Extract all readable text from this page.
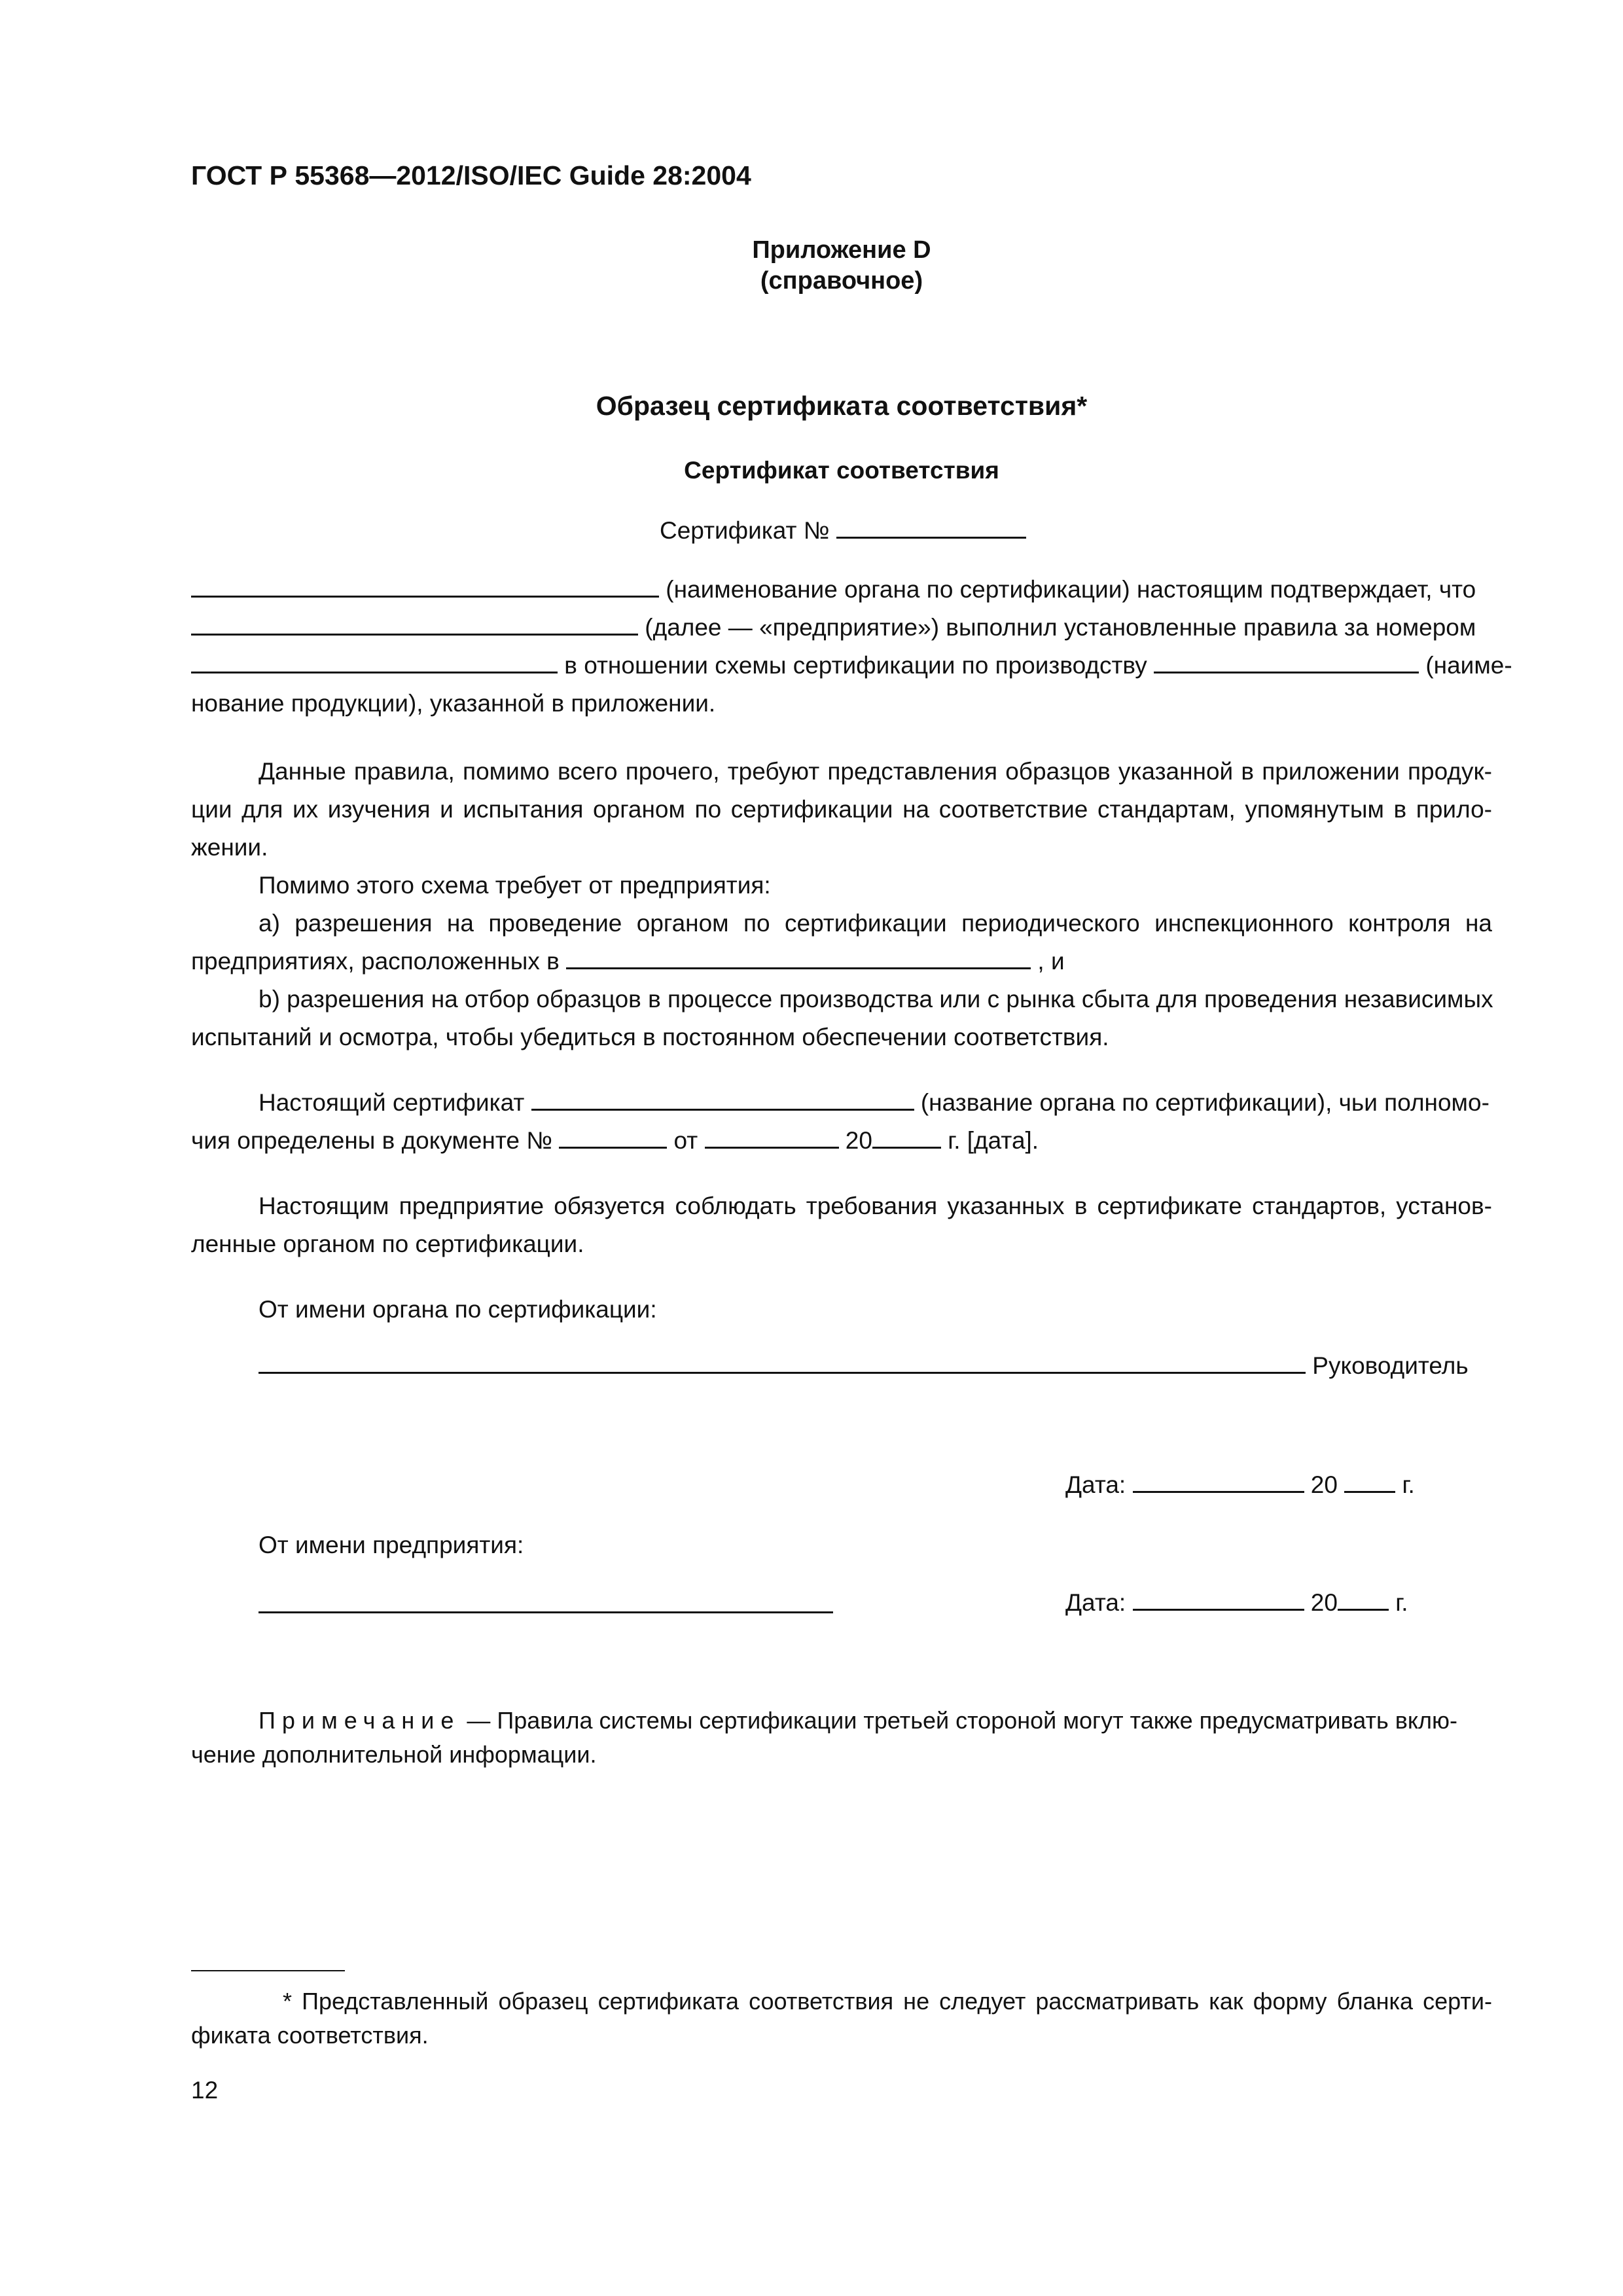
ГОСТ Р 55368—2012/ISO/IEC Guide 28:2004
Приложение D
(справочное)
Образец сертификата соответствия*
Сертификат соответствия
Сертификат №
(наименование органа по сертификации) настоящим подтверждает, что
(далее — «предприятие») выполнил установленные правила за номером
в отношении схемы сертификации по производству	(наиме-
нование продукции), указанной в приложении.
Данные правила, помимо всего прочего, требуют представления образцов указанной в приложении продук-
ции для их изучения и испытания органом по сертификации на соответствие стандартам, упомянутым в прило-
жении.
Помимо этого схема требует от предприятия:
a) разрешения на проведение органом по сертификации периодического инспекционного контроля на
предприятиях, расположенных в	, и
b) разрешения на отбор образцов в процессе производства или с рынка сбыта для проведения независимых
испытаний и осмотра, чтобы убедиться в постоянном обеспечении соответствия.
Настоящий сертификат	(название органа по сертификации), чьи полномо-
чия определены в документе №	от	20	г. [дата].
Настоящим предприятие обязуется соблюдать требования указанных в сертификате стандартов, установ-
ленные органом по сертификации.
От имени органа по сертификации:
Руководитель
Дата:	20	г.
От имени предприятия:
Дата:	20 г.
Примечание — Правила системы сертификации третьей стороной могут также предусматривать вклю-
чение дополнительной информации.
* Представленный образец сертификата соответствия не следует рассматривать как форму бланка серти-
фиката соответствия.
12
